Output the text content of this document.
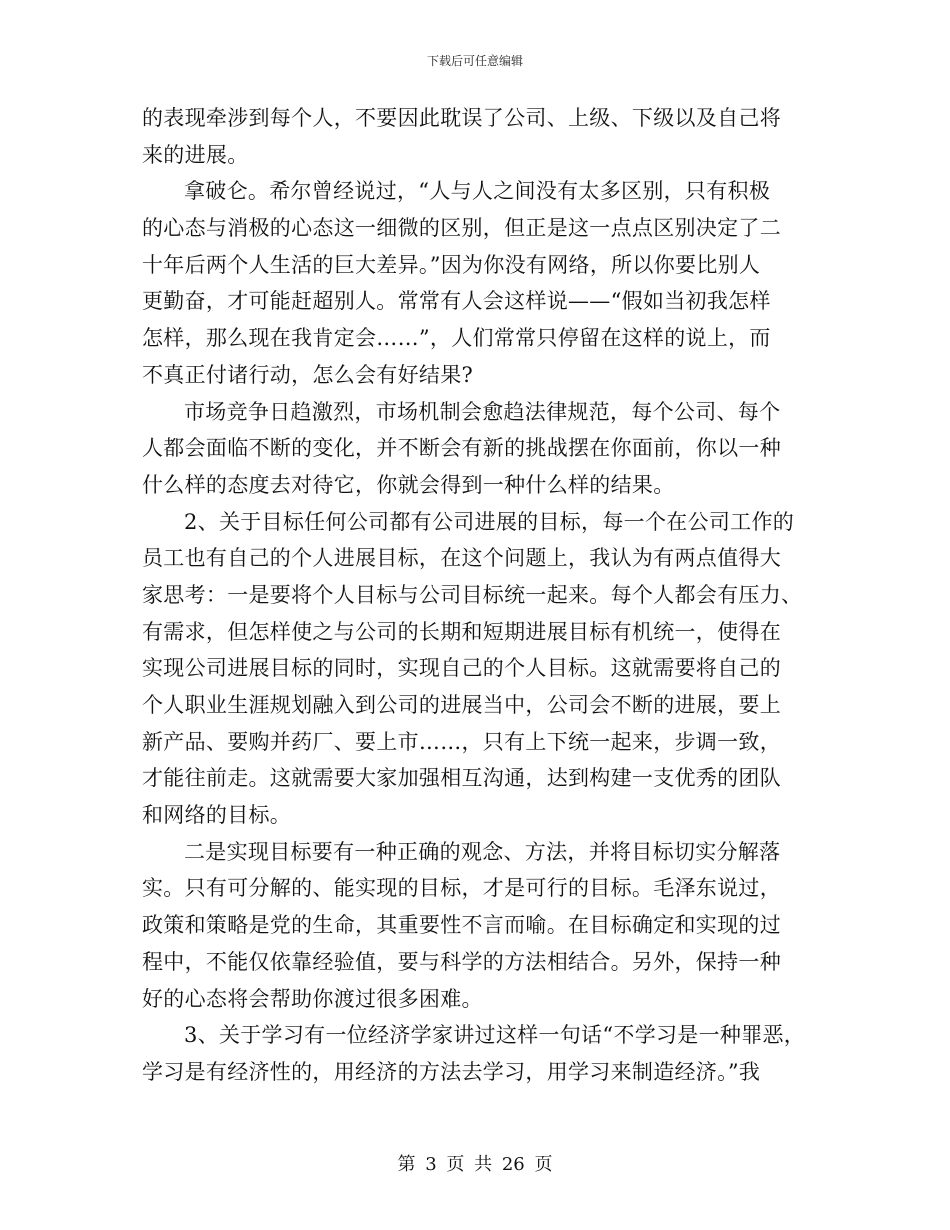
下载后可任意编辑
的表现牵涉到每个人，不要因此耽误了公司、上级、下级以及自己将
来的进展。
拿破仑。希尔曾经说过，“人与人之间没有太多区别，只有积极
的心态与消极的心态这一细微的区别，但正是这一点点区别决定了二
十年后两个人生活的巨大差异。”因为你没有网络，所以你要比别人
更勤奋，才可能赶超别人。常常有人会这样说——“假如当初我怎样
怎样，那么现在我肯定会……”，人们常常只停留在这样的说上，而
不真正付诸行动，怎么会有好结果?
市场竞争日趋激烈，市场机制会愈趋法律规范，每个公司、每个
人都会面临不断的变化，并不断会有新的挑战摆在你面前，你以一种
什么样的态度去对待它，你就会得到一种什么样的结果。
2、关于目标任何公司都有公司进展的目标，每一个在公司工作的
员工也有自己的个人进展目标，在这个问题上，我认为有两点值得大
家思考：一是要将个人目标与公司目标统一起来。每个人都会有压力、
有需求，但怎样使之与公司的长期和短期进展目标有机统一，使得在
实现公司进展目标的同时，实现自己的个人目标。这就需要将自己的
个人职业生涯规划融入到公司的进展当中，公司会不断的进展，要上
新产品、要购并药厂、要上市……，只有上下统一起来，步调一致，
才能往前走。这就需要大家加强相互沟通，达到构建一支优秀的团队
和网络的目标。
二是实现目标要有一种正确的观念、方法，并将目标切实分解落
实。只有可分解的、能实现的目标，才是可行的目标。毛泽东说过，
政策和策略是党的生命，其重要性不言而喻。在目标确定和实现的过
程中，不能仅依靠经验值，要与科学的方法相结合。另外，保持一种
好的心态将会帮助你渡过很多困难。
3、关于学习有一位经济学家讲过这样一句话“不学习是一种罪恶，
学习是有经济性的，用经济的方法去学习，用学习来制造经济。”我
第 3 页 共 26 页
